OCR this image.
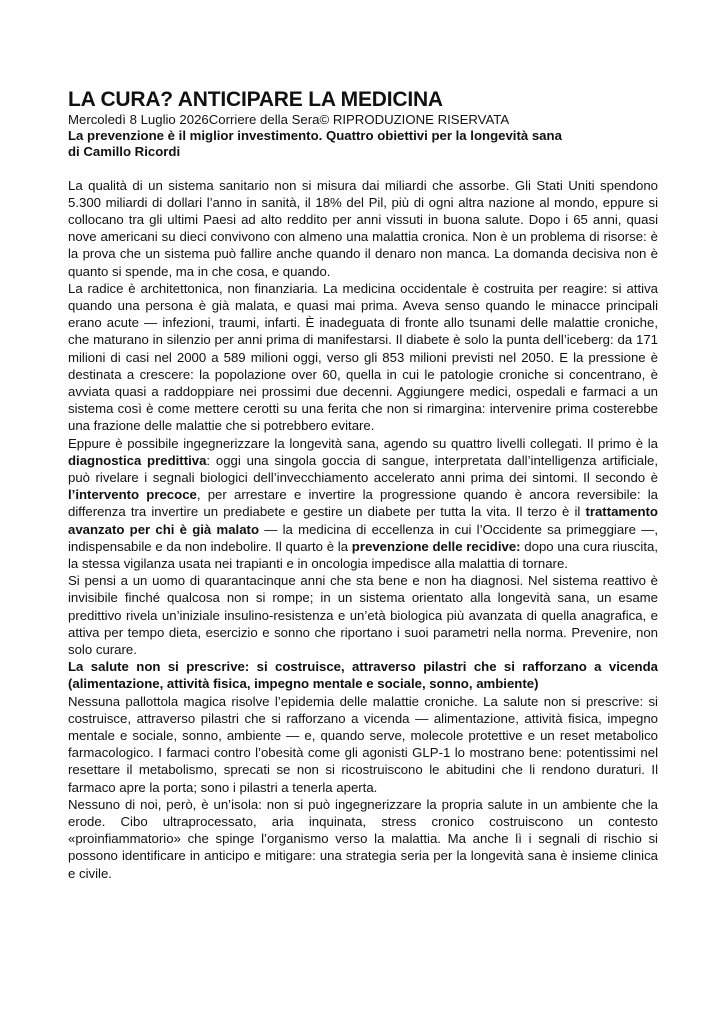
LA CURA? ANTICIPARE LA MEDICINA

Mercoledì 8 Luglio 2026Corriere della Sera© RIPRODUZIONE RISERVATA

La prevenzione è il miglior investimento. Quattro obiettivi per la longevità sana

di Camillo Ricordi

La qualità di un sistema sanitario non si misura dai miliardi che assorbe. Gli Stati Uniti spendono 5.300 miliardi di dollari l’anno in sanità, il 18% del Pil, più di ogni altra nazione al mondo, eppure si collocano tra gli ultimi Paesi ad alto reddito per anni vissuti in buona salute. Dopo i 65 anni, quasi nove americani su dieci convivono con almeno una malattia cronica. Non è un problema di risorse: è la prova che un sistema può fallire anche quando il denaro non manca. La domanda decisiva non è quanto si spende, ma in che cosa, e quando.

La radice è architettonica, non finanziaria. La medicina occidentale è costruita per reagire: si attiva quando una persona è già malata, e quasi mai prima. Aveva senso quando le minacce principali erano acute — infezioni, traumi, infarti. È inadeguata di fronte allo tsunami delle malattie croniche, che maturano in silenzio per anni prima di manifestarsi. Il diabete è solo la punta dell’iceberg: da 171 milioni di casi nel 2000 a 589 milioni oggi, verso gli 853 milioni previsti nel 2050. E la pressione è destinata a crescere: la popolazione over 60, quella in cui le patologie croniche si concentrano, è avviata quasi a raddoppiare nei prossimi due decenni. Aggiungere medici, ospedali e farmaci a un sistema così è come mettere cerotti su una ferita che non si rimargina: intervenire prima costerebbe una frazione delle malattie che si potrebbero evitare.

Eppure è possibile ingegnerizzare la longevità sana, agendo su quattro livelli collegati. Il primo è la diagnostica predittiva: oggi una singola goccia di sangue, interpretata dall’intelligenza artificiale, può rivelare i segnali biologici dell’invecchiamento accelerato anni prima dei sintomi. Il secondo è l’intervento precoce, per arrestare e invertire la progressione quando è ancora reversibile: la differenza tra invertire un prediabete e gestire un diabete per tutta la vita. Il terzo è il trattamento avanzato per chi è già malato — la medicina di eccellenza in cui l’Occidente sa primeggiare —, indispensabile e da non indebolire. Il quarto è la prevenzione delle recidive: dopo una cura riuscita, la stessa vigilanza usata nei trapianti e in oncologia impedisce alla malattia di tornare.

Si pensi a un uomo di quarantacinque anni che sta bene e non ha diagnosi. Nel sistema reattivo è invisibile finché qualcosa non si rompe; in un sistema orientato alla longevità sana, un esame predittivo rivela un’iniziale insulino-resistenza e un’età biologica più avanzata di quella anagrafica, e attiva per tempo dieta, esercizio e sonno che riportano i suoi parametri nella norma. Prevenire, non solo curare.

La salute non si prescrive: si costruisce, attraverso pilastri che si rafforzano a vicenda (alimentazione, attività fisica, impegno mentale e sociale, sonno, ambiente)

Nessuna pallottola magica risolve l’epidemia delle malattie croniche. La salute non si prescrive: si costruisce, attraverso pilastri che si rafforzano a vicenda — alimentazione, attività fisica, impegno mentale e sociale, sonno, ambiente — e, quando serve, molecole protettive e un reset metabolico farmacologico. I farmaci contro l’obesità come gli agonisti GLP-1 lo mostrano bene: potentissimi nel resettare il metabolismo, sprecati se non si ricostruiscono le abitudini che li rendono duraturi. Il farmaco apre la porta; sono i pilastri a tenerla aperta.

Nessuno di noi, però, è un’isola: non si può ingegnerizzare la propria salute in un ambiente che la erode. Cibo ultraprocessato, aria inquinata, stress cronico costruiscono un contesto «proinfiammatorio» che spinge l’organismo verso la malattia. Ma anche lì i segnali di rischio si possono identificare in anticipo e mitigare: una strategia seria per la longevità sana è insieme clinica e civile.
